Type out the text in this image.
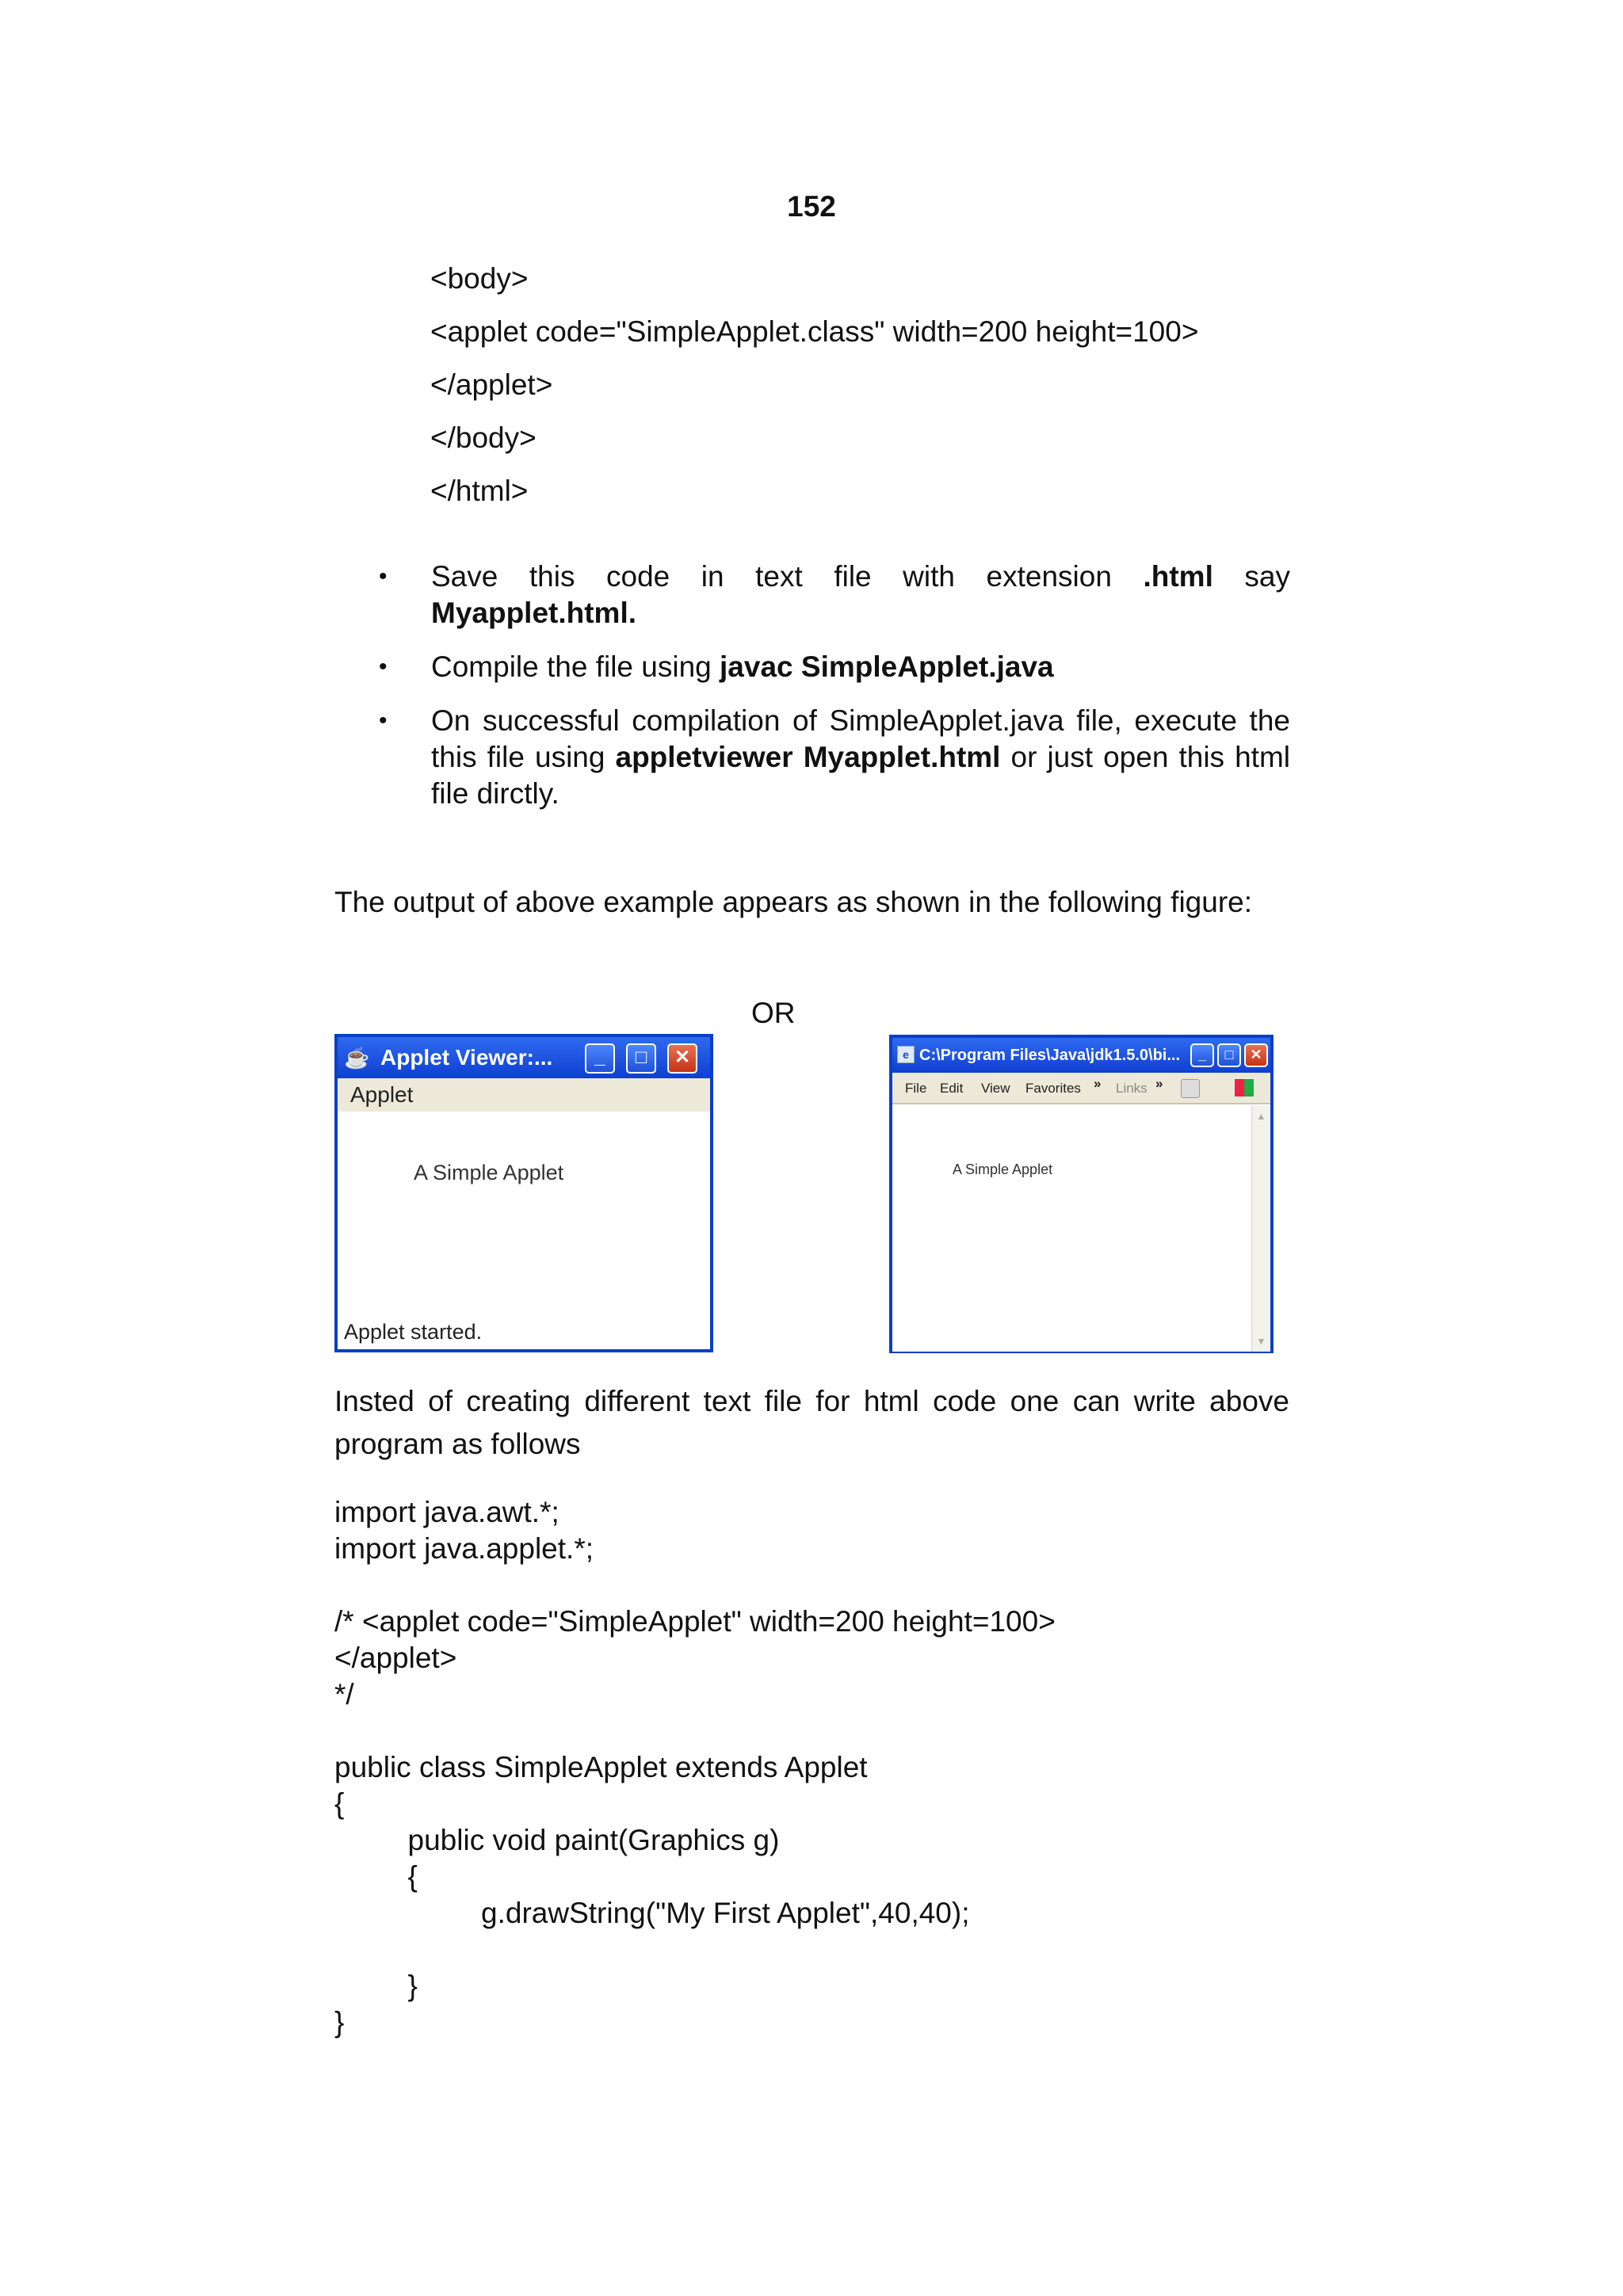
152
<body>
<applet code="SimpleApplet.class" width=200 height=100>
</applet>
</body>
</html>
• Save this code in text file with extension .html say Myapplet.html.
• Compile the file using javac SimpleApplet.java
• On successful compilation of SimpleApplet.java file, execute the this file using appletviewer Myapplet.html or just open this html file dirctly.
The output of above example appears as shown in the following figure:
OR
☕ Applet Viewer:...	_	□	✕
Applet
A Simple Applet
Applet started.
e C:\Program Files\Java\jdk1.5.0\bi...	_	□	✕
File Edit View Favorites » Links »
A Simple Applet
▲
▼
Insted of creating different text file for html code one can write above program as follows
import java.awt.*;
import java.applet.*;
/* <applet code="SimpleApplet" width=200 height=100>
</applet>
*/
public class SimpleApplet extends Applet
{
public void paint(Graphics g)
{
g.drawString("My First Applet",40,40);
}
}
